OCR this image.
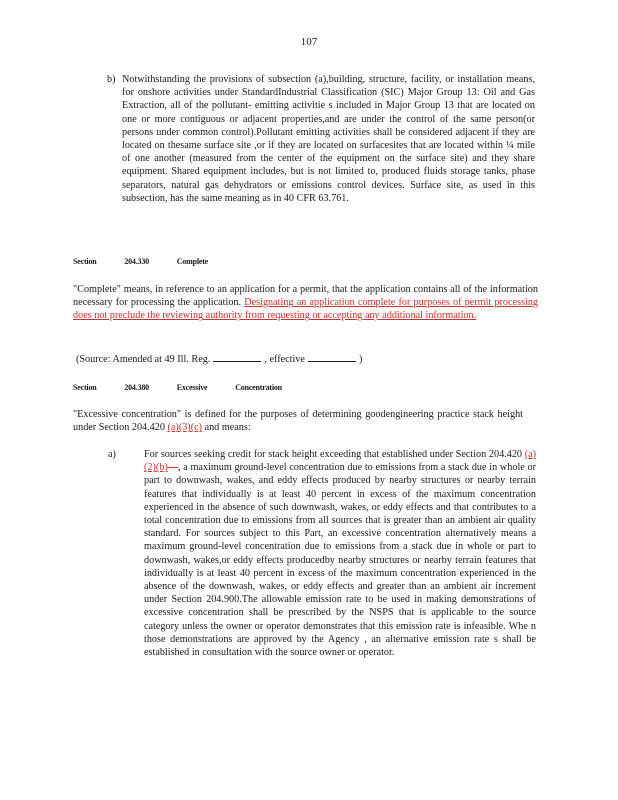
107
b) Notwithstanding the provisions of subsection (a),building, structure, facility, or installation means, for onshore activities under StandardIndustrial Classification (SIC) Major Group 13: Oil and Gas Extraction, all of the pollutant- emitting activitie s included in Major Group 13 that are located on one or more contiguous or adjacent properties,and are under the control of the same person(or persons under common control).Pollutant emitting activities shall be considered adjacent if they are located on thesame surface site ,or if they are located on surfacesites that are located within ¼ mile of one another (measured from the center of the equipment on the surface site) and they share equipment. Shared equipment includes, but is not limited to, produced fluids storage tanks, phase separators, natural gas dehydrators or emissions control devices. Surface site, as used in this subsection, has the same meaning as in 40 CFR 63.761.
Section	204.330	Complete
"Complete" means, in reference to an application for a permit, that the application contains all of the information necessary for processing the application. Designating an application complete for purposes of permit processing does not preclude the reviewing authority from requesting or accepting any additional information.
(Source: Amended at 49 Ill. Reg.	, effective	)
Section	204.380	Excessive	Concentration
"Excessive concentration" is defined for the purposes of determining goodengineering practice stack height under Section 204.420 (a)(3)(c) and means:
a)	For sources seeking credit for stack height exceeding that established under Section 204.420 (a)(2)(b)—, a maximum ground-level concentration due to emissions from a stack due in whole or part to downwash, wakes, and eddy effects produced by nearby structures or nearby terrain features that individually is at least 40 percent in excess of the maximum concentration experienced in the absence of such downwash, wakes, or eddy effects and that contributes to a total concentration due to emissions from all sources that is greater than an ambient air quality standard. For sources subject to this Part, an excessive concentration alternatively means a maximum ground-level concentration due to emissions from a stack due in whole or part to downwash, wakes,or eddy effects producedby nearby structures or nearby terrain features that individually is at least 40 percent in excess of the maximum concentration experienced in the absence of the downwash, wakes, or eddy effects and greater than an ambient air increment under Section 204.900.The allowable emission rate to be used in making demonstrations of excessive concentration shall be prescribed by the NSPS that is applicable to the source category unless the owner or operator demonstrates that this emission rate is infeasible. Whe n those demonstrations are approved by the Agency , an alternative emission rate s shall be established in consultation with the source owner or operator.
